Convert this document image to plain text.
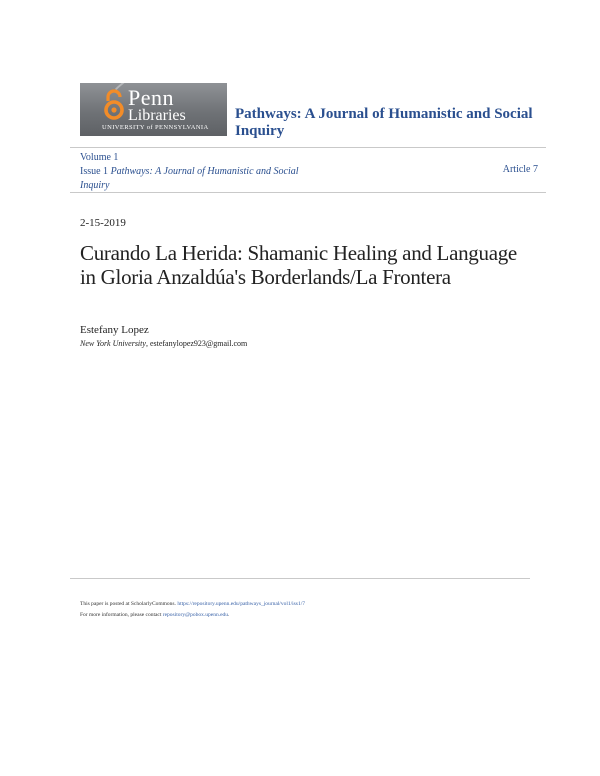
Penn
Libraries
UNIVERSITY of PENNSYLVANIA
Pathways: A Journal of Humanistic and Social Inquiry
Volume 1
Issue 1 Pathways: A Journal of Humanistic and Social Inquiry
Article 7
2-15-2019
Curando La Herida: Shamanic Healing and Language in Gloria Anzaldúa's Borderlands/La Frontera
Estefany Lopez
New York University, estefanylopez923@gmail.com
This paper is posted at ScholarlyCommons. https://repository.upenn.edu/pathways_journal/vol1/iss1/7
For more information, please contact repository@pobox.upenn.edu.
